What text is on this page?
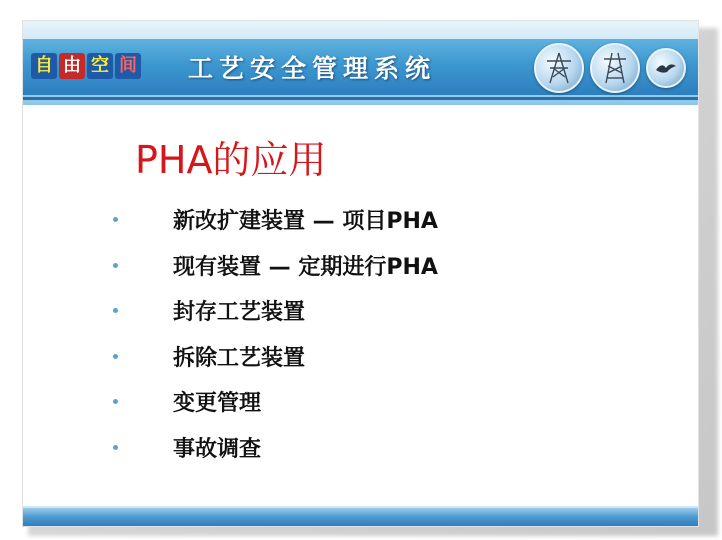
自 由 空 间 工艺安全管理系统
PHA的应用
新改扩建装置 — 项目PHA
现有装置 — 定期进行PHA
封存工艺装置
拆除工艺装置
变更管理
事故调查
